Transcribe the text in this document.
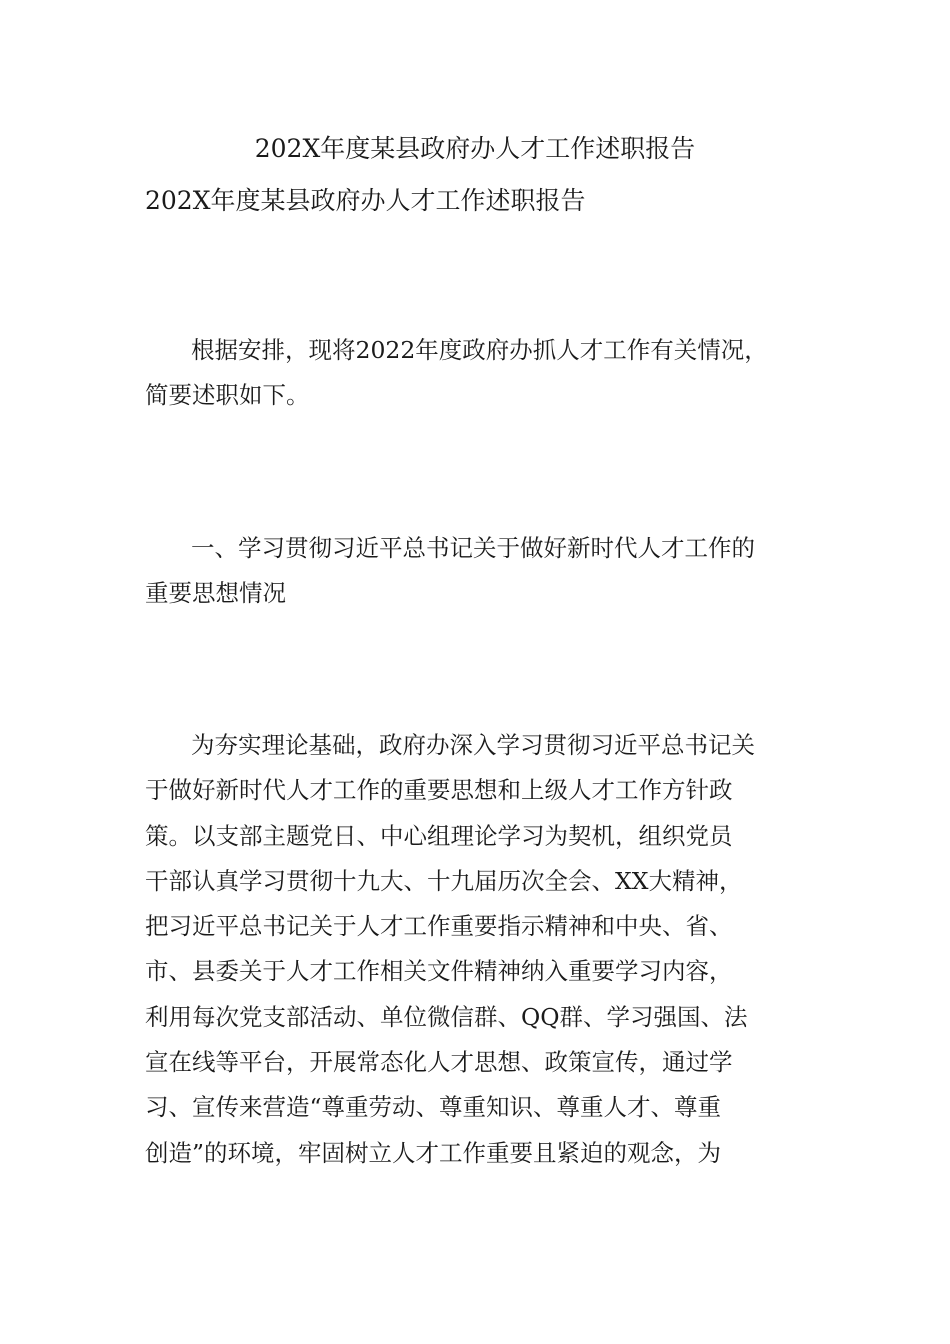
202X年度某县政府办人才工作述职报告
202X年度某县政府办人才工作述职报告
根据安排，现将2022年度政府办抓人才工作有关情况，
简要述职如下。
一、学习贯彻习近平总书记关于做好新时代人才工作的
重要思想情况
为夯实理论基础，政府办深入学习贯彻习近平总书记关
于做好新时代人才工作的重要思想和上级人才工作方针政
策。以支部主题党日、中心组理论学习为契机，组织党员
干部认真学习贯彻十九大、十九届历次全会、XX大精神，
把习近平总书记关于人才工作重要指示精神和中央、省、
市、县委关于人才工作相关文件精神纳入重要学习内容，
利用每次党支部活动、单位微信群、QQ群、学习强国、法
宣在线等平台，开展常态化人才思想、政策宣传，通过学
习、宣传来营造“尊重劳动、尊重知识、尊重人才、尊重
创造”的环境，牢固树立人才工作重要且紧迫的观念，为
